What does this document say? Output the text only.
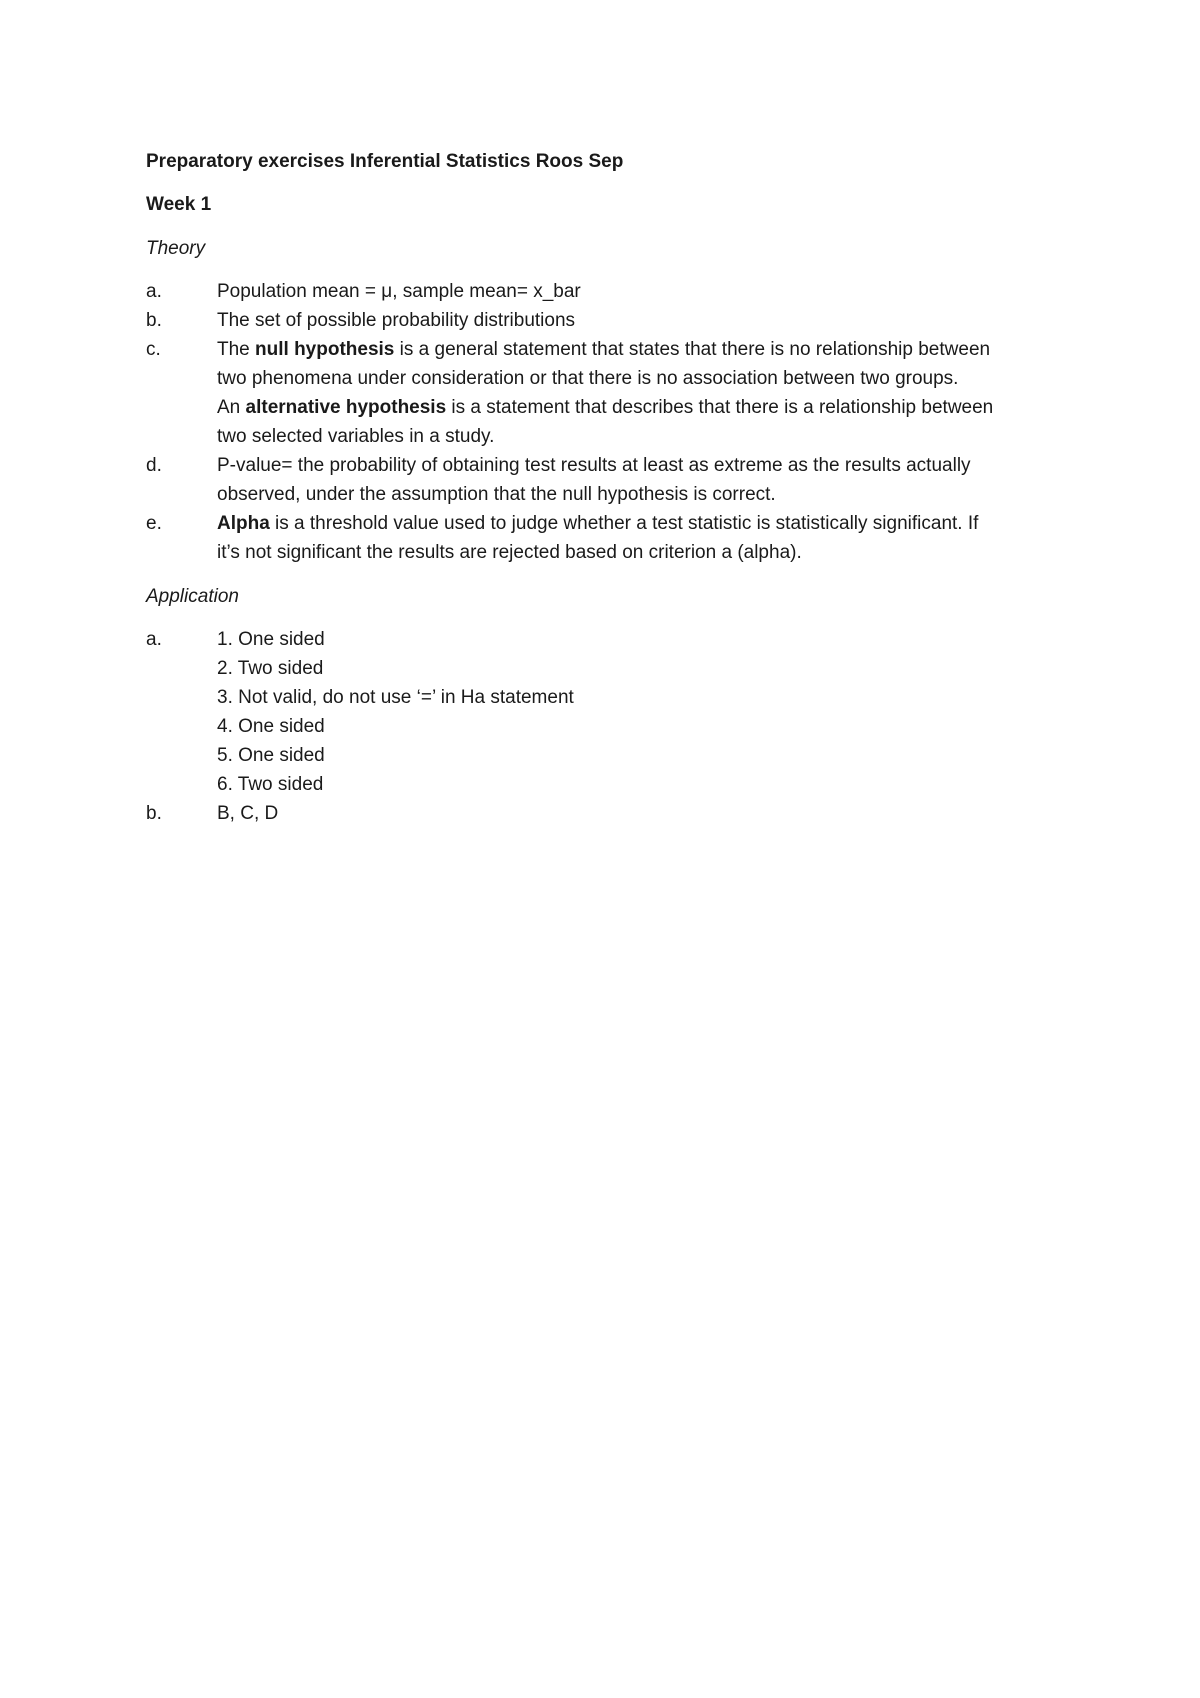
Preparatory exercises Inferential Statistics Roos Sep
Week 1
Theory
a.	Population mean = μ, sample mean= x_bar
b.	The set of possible probability distributions
c.	The null hypothesis is a general statement that states that there is no relationship between
two phenomena under consideration or that there is no association between two groups.
An alternative hypothesis is a statement that describes that there is a relationship between
two selected variables in a study.
d.	P-value= the probability of obtaining test results at least as extreme as the results actually
observed, under the assumption that the null hypothesis is correct.
e.	Alpha is a threshold value used to judge whether a test statistic is statistically significant. If
it’s not significant the results are rejected based on criterion a (alpha).
Application
a.	1. One sided
2. Two sided
3. Not valid, do not use ‘=’ in Ha statement
4. One sided
5. One sided
6. Two sided
b.	B, C, D
